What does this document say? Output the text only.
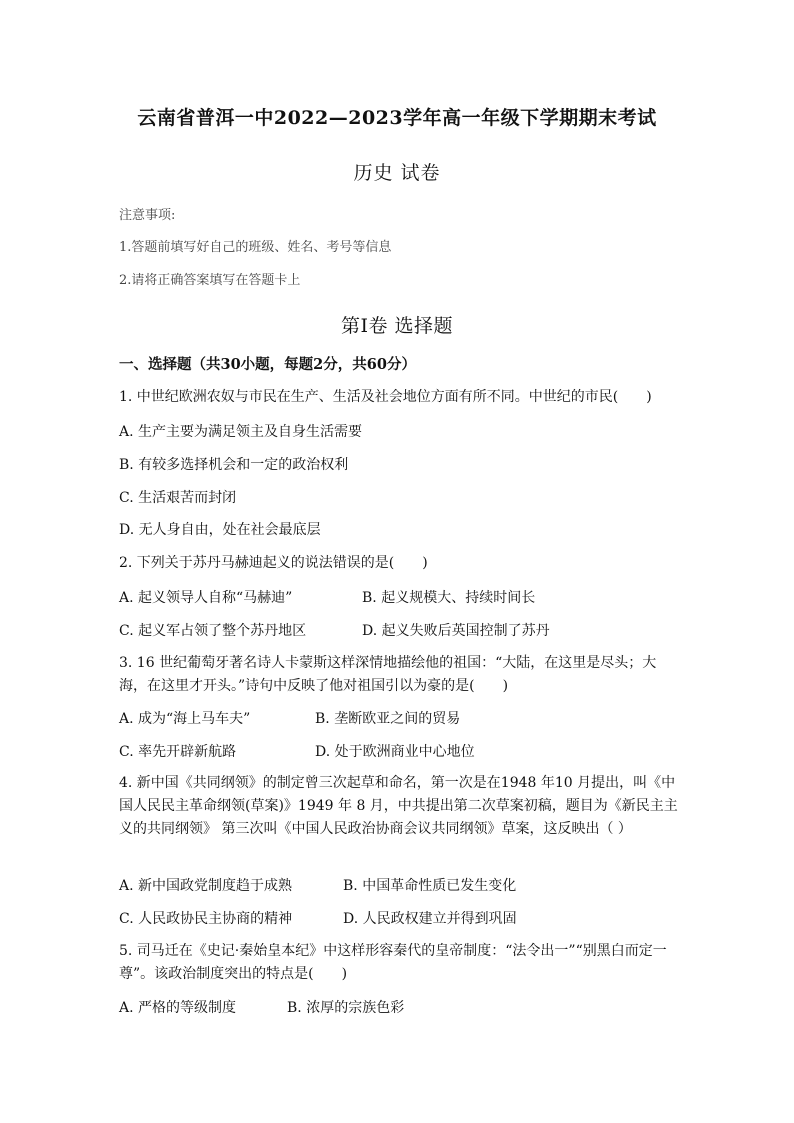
云南省普洱一中2022—2023学年高一年级下学期期末考试
历史 试卷
注意事项:
1.答题前填写好自己的班级、姓名、考号等信息
2.请将正确答案填写在答题卡上
第Ⅰ卷 选择题
一、选择题（共30小题，每题2分，共60分）
1. 中世纪欧洲农奴与市民在生产、生活及社会地位方面有所不同。中世纪的市民(　　)
A. 生产主要为满足领主及自身生活需要
B. 有较多选择机会和一定的政治权利
C. 生活艰苦而封闭
D. 无人身自由，处在社会最底层
2. 下列关于苏丹马赫迪起义的说法错误的是(　　)
A. 起义领导人自称“马赫迪”	B. 起义规模大、持续时间长
C. 起义军占领了整个苏丹地区	D. 起义失败后英国控制了苏丹
3. 16 世纪葡萄牙著名诗人卡蒙斯这样深情地描绘他的祖国：“大陆，在这里是尽头；大海，在这里才开头。”诗句中反映了他对祖国引以为豪的是(　　)
A. 成为“海上马车夫”	B. 垄断欧亚之间的贸易
C. 率先开辟新航路	D. 处于欧洲商业中心地位
4. 新中国《共同纲领》的制定曾三次起草和命名，第一次是在1948 年10 月提出，叫《中国人民民主革命纲领(草案)》1949 年 8 月，中共提出第二次草案初稿，题目为《新民主主义的共同纲领》 第三次叫《中国人民政治协商会议共同纲领》草案，这反映出（ ）
A. 新中国政党制度趋于成熟	B. 中国革命性质已发生变化
C. 人民政协民主协商的精神	D. 人民政权建立并得到巩固
5. 司马迁在《史记·秦始皇本纪》中这样形容秦代的皇帝制度：“法令出一”“别黑白而定一尊”。该政治制度突出的特点是(　　)
A. 严格的等级制度	B. 浓厚的宗族色彩
